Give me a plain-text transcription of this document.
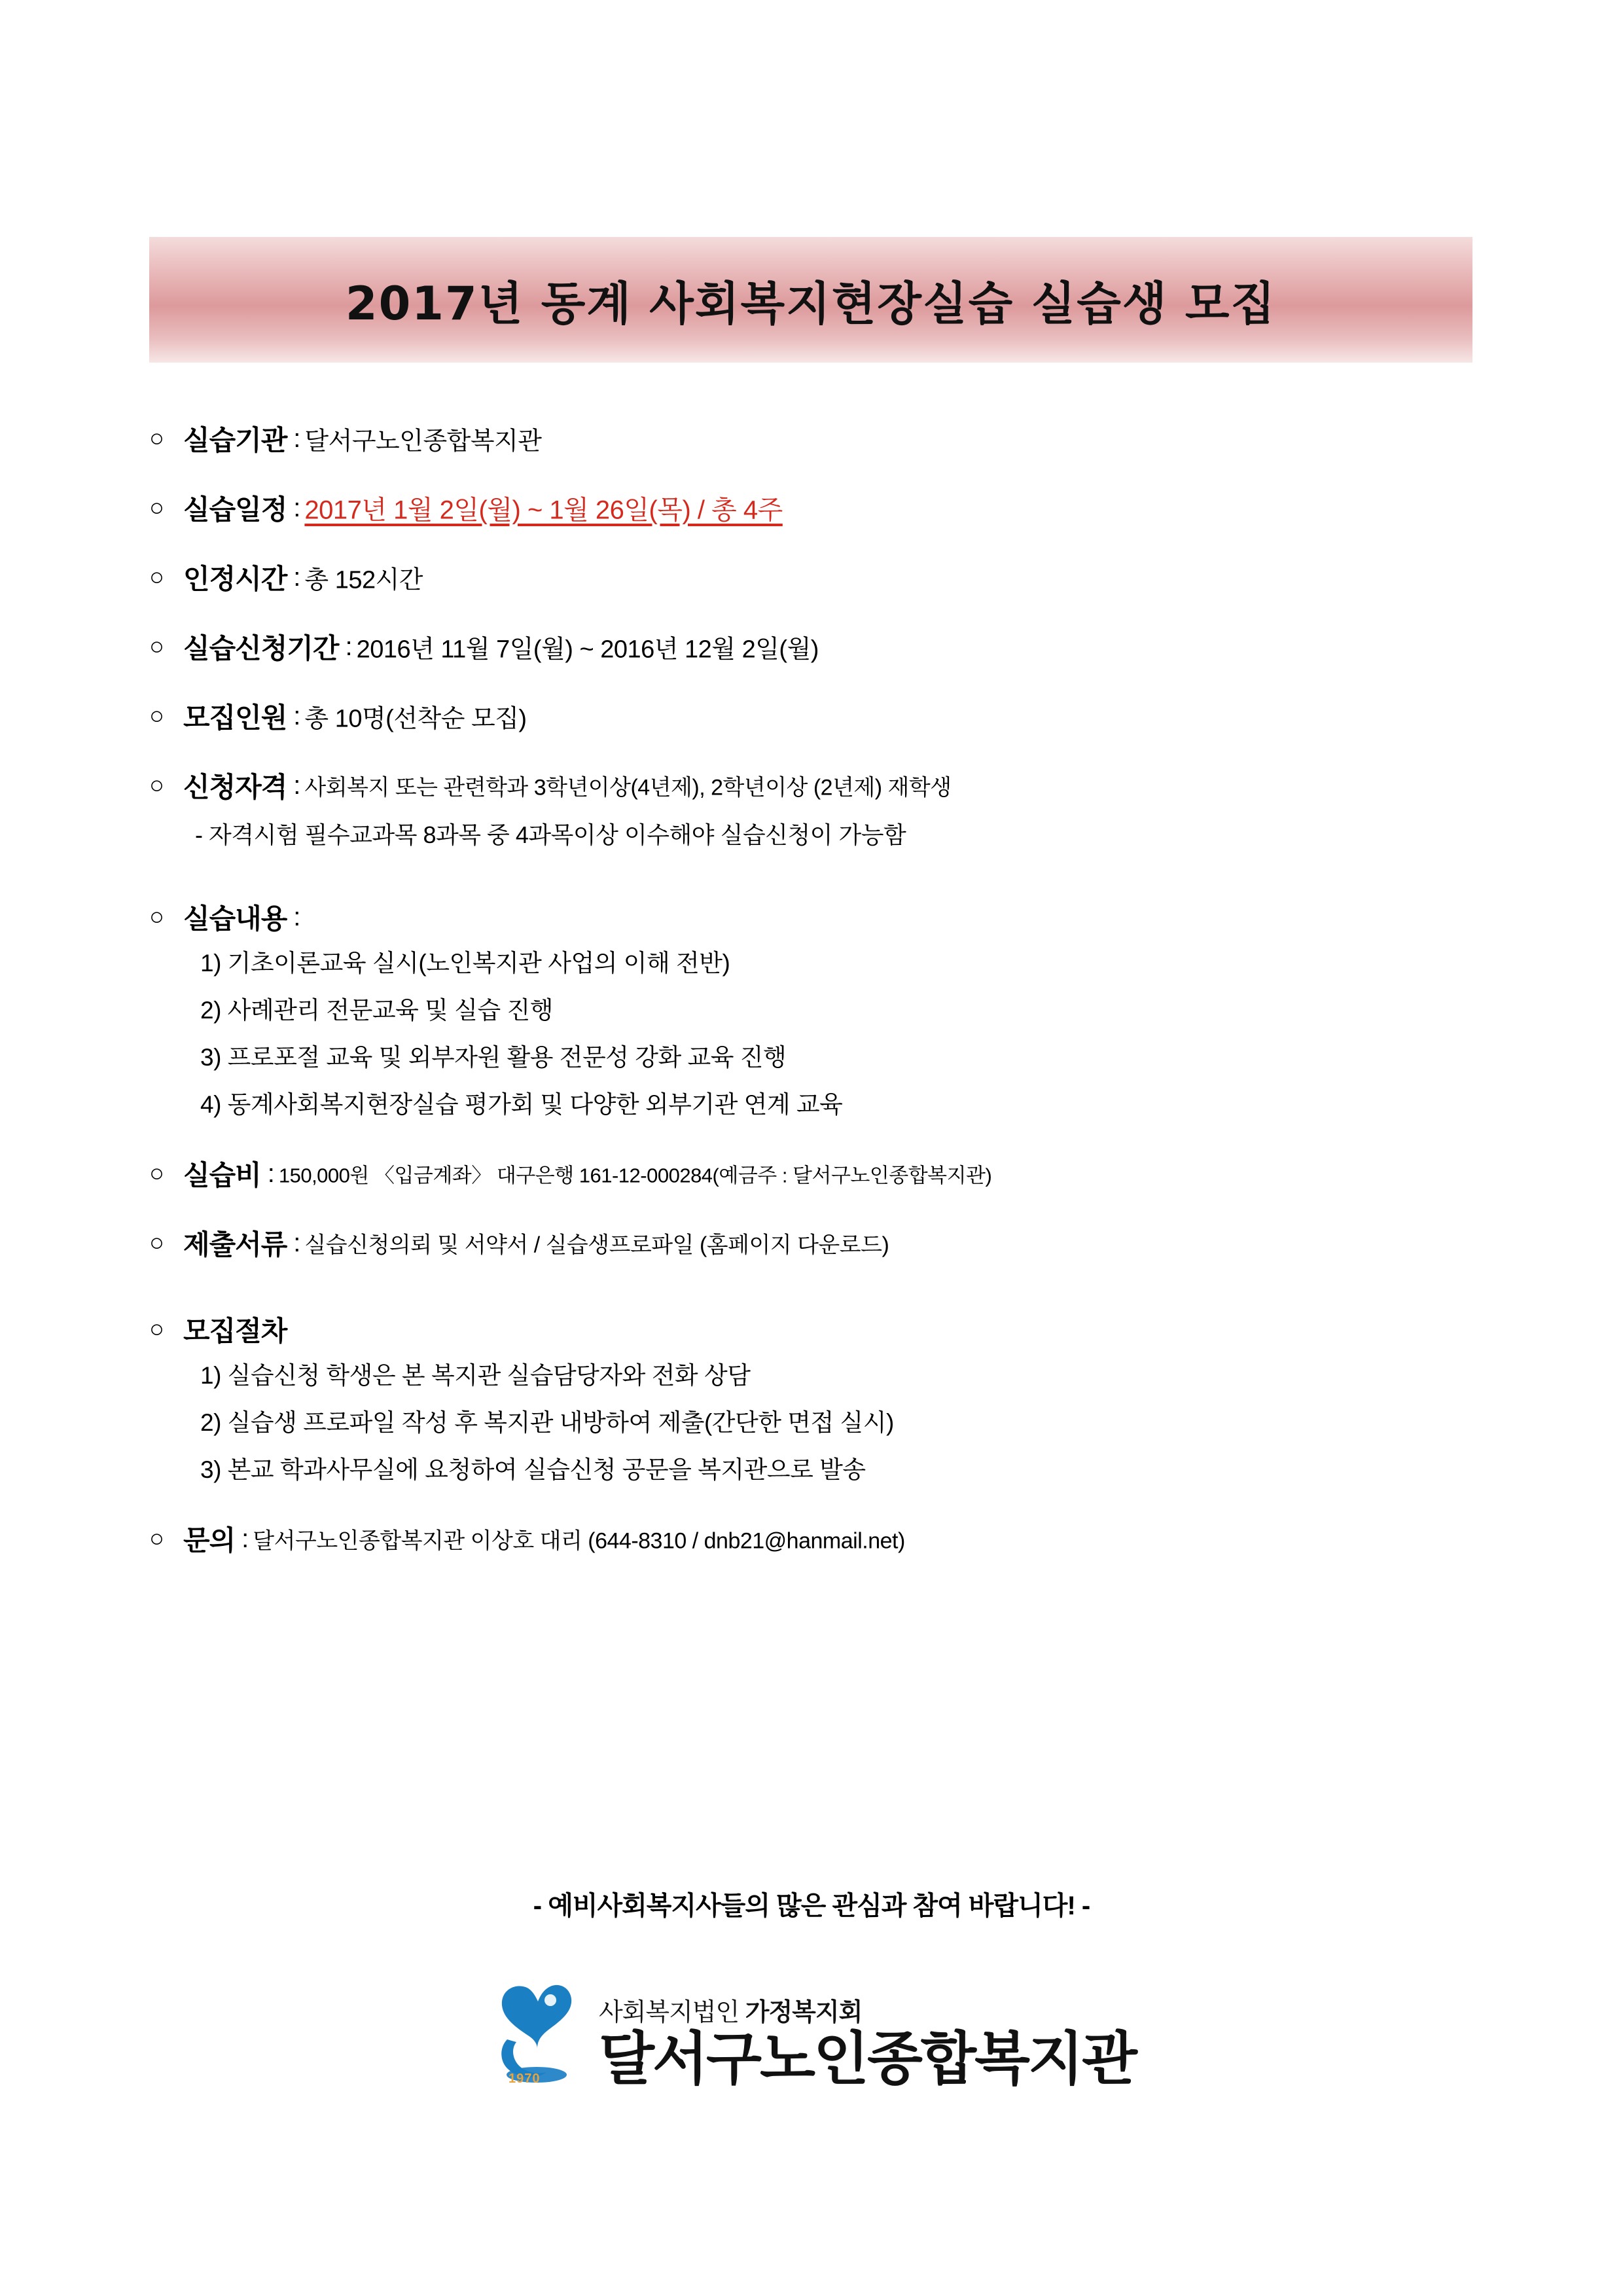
2017년 동계 사회복지현장실습 실습생 모집
○ 실습기관 : 달서구노인종합복지관
○ 실습일정 : 2017년 1월 2일(월) ~ 1월 26일(목) / 총 4주
○ 인정시간 : 총 152시간
○ 실습신청기간 : 2016년 11월 7일(월) ~ 2016년 12월 2일(월)
○ 모집인원 : 총 10명(선착순 모집)
○ 신청자격 : 사회복지 또는 관련학과 3학년이상(4년제), 2학년이상 (2년제) 재학생
- 자격시험 필수교과목 8과목 중 4과목이상 이수해야 실습신청이 가능함
○ 실습내용 :
1) 기초이론교육 실시(노인복지관 사업의 이해 전반)
2) 사례관리 전문교육 및 실습 진행
3) 프로포절 교육 및 외부자원 활용 전문성 강화 교육 진행
4) 동계사회복지현장실습 평가회 및 다양한 외부기관 연계 교육
○ 실습비 : 150,000원 〈입금계좌〉 대구은행 161-12-000284(예금주 : 달서구노인종합복지관)
○ 제출서류 : 실습신청의뢰 및 서약서 / 실습생프로파일 (홈페이지 다운로드)
○ 모집절차
1) 실습신청 학생은 본 복지관 실습담당자와 전화 상담
2) 실습생 프로파일 작성 후 복지관 내방하여 제출(간단한 면접 실시)
3) 본교 학과사무실에 요청하여 실습신청 공문을 복지관으로 발송
○ 문의 : 달서구노인종합복지관 이상호 대리 (644-8310 / dnb21@hanmail.net)
- 예비사회복지사들의 많은 관심과 참여 바랍니다! -
1970
사회복지법인 가정복지회
달서구노인종합복지관
